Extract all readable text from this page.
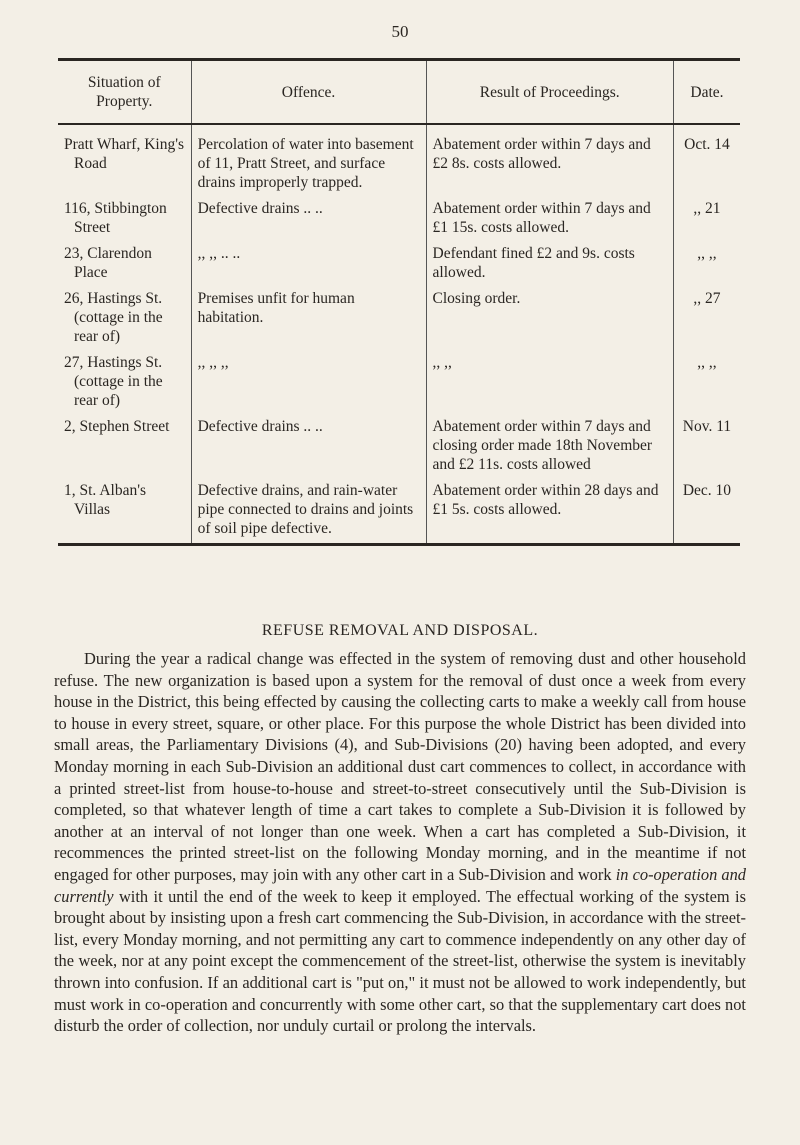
50
Situation of Property.	Offence.	Result of Proceedings.	Date.
Pratt Wharf, King's Road	Percolation of water into basement of 11, Pratt Street, and surface drains improperly trapped.	Abatement order within 7 days and £2 8s. costs allowed.	Oct. 14
116, Stibbington Street	Defective drains .. ..	Abatement order within 7 days and £1 15s. costs allowed.	,, 21
23, Clarendon Place	,, ,, .. ..	Defendant fined £2 and 9s. costs allowed.	,, ,,
26, Hastings St. (cottage in the rear of)	Premises unfit for human habitation.	Closing order.	,, 27
27, Hastings St. (cottage in the rear of)	,, ,, ,,	,, ,,	,, ,,
2, Stephen Street	Defective drains .. ..	Abatement order within 7 days and closing order made 18th November and £2 11s. costs allowed	Nov. 11
1, St. Alban's Villas	Defective drains, and rain-water pipe connected to drains and joints of soil pipe defective.	Abatement order within 28 days and £1 5s. costs allowed.	Dec. 10
REFUSE REMOVAL AND DISPOSAL.

During the year a radical change was effected in the system of removing dust and other household refuse. The new organization is based upon a system for the removal of dust once a week from every house in the District, this being effected by causing the collecting carts to make a weekly call from house to house in every street, square, or other place. For this purpose the whole District has been divided into small areas, the Parliamentary Divisions (4), and Sub-Divisions (20) having been adopted, and every Monday morning in each Sub-Division an additional dust cart commences to collect, in accordance with a printed street-list from house-to-house and street-to-street consecutively until the Sub-Division is completed, so that whatever length of time a cart takes to complete a Sub-Division it is followed by another at an interval of not longer than one week. When a cart has completed a Sub-Division, it recommences the printed street-list on the following Monday morning, and in the meantime if not engaged for other purposes, may join with any other cart in a Sub-Division and work in co-operation and currently with it until the end of the week to keep it employed. The effectual working of the system is brought about by insisting upon a fresh cart commencing the Sub-Division, in accordance with the street-list, every Monday morning, and not permitting any cart to commence independently on any other day of the week, nor at any point except the commencement of the street-list, otherwise the system is inevitably thrown into confusion. If an additional cart is "put on," it must not be allowed to work independently, but must work in co-operation and concurrently with some other cart, so that the supplementary cart does not disturb the order of collection, nor unduly curtail or prolong the intervals.
